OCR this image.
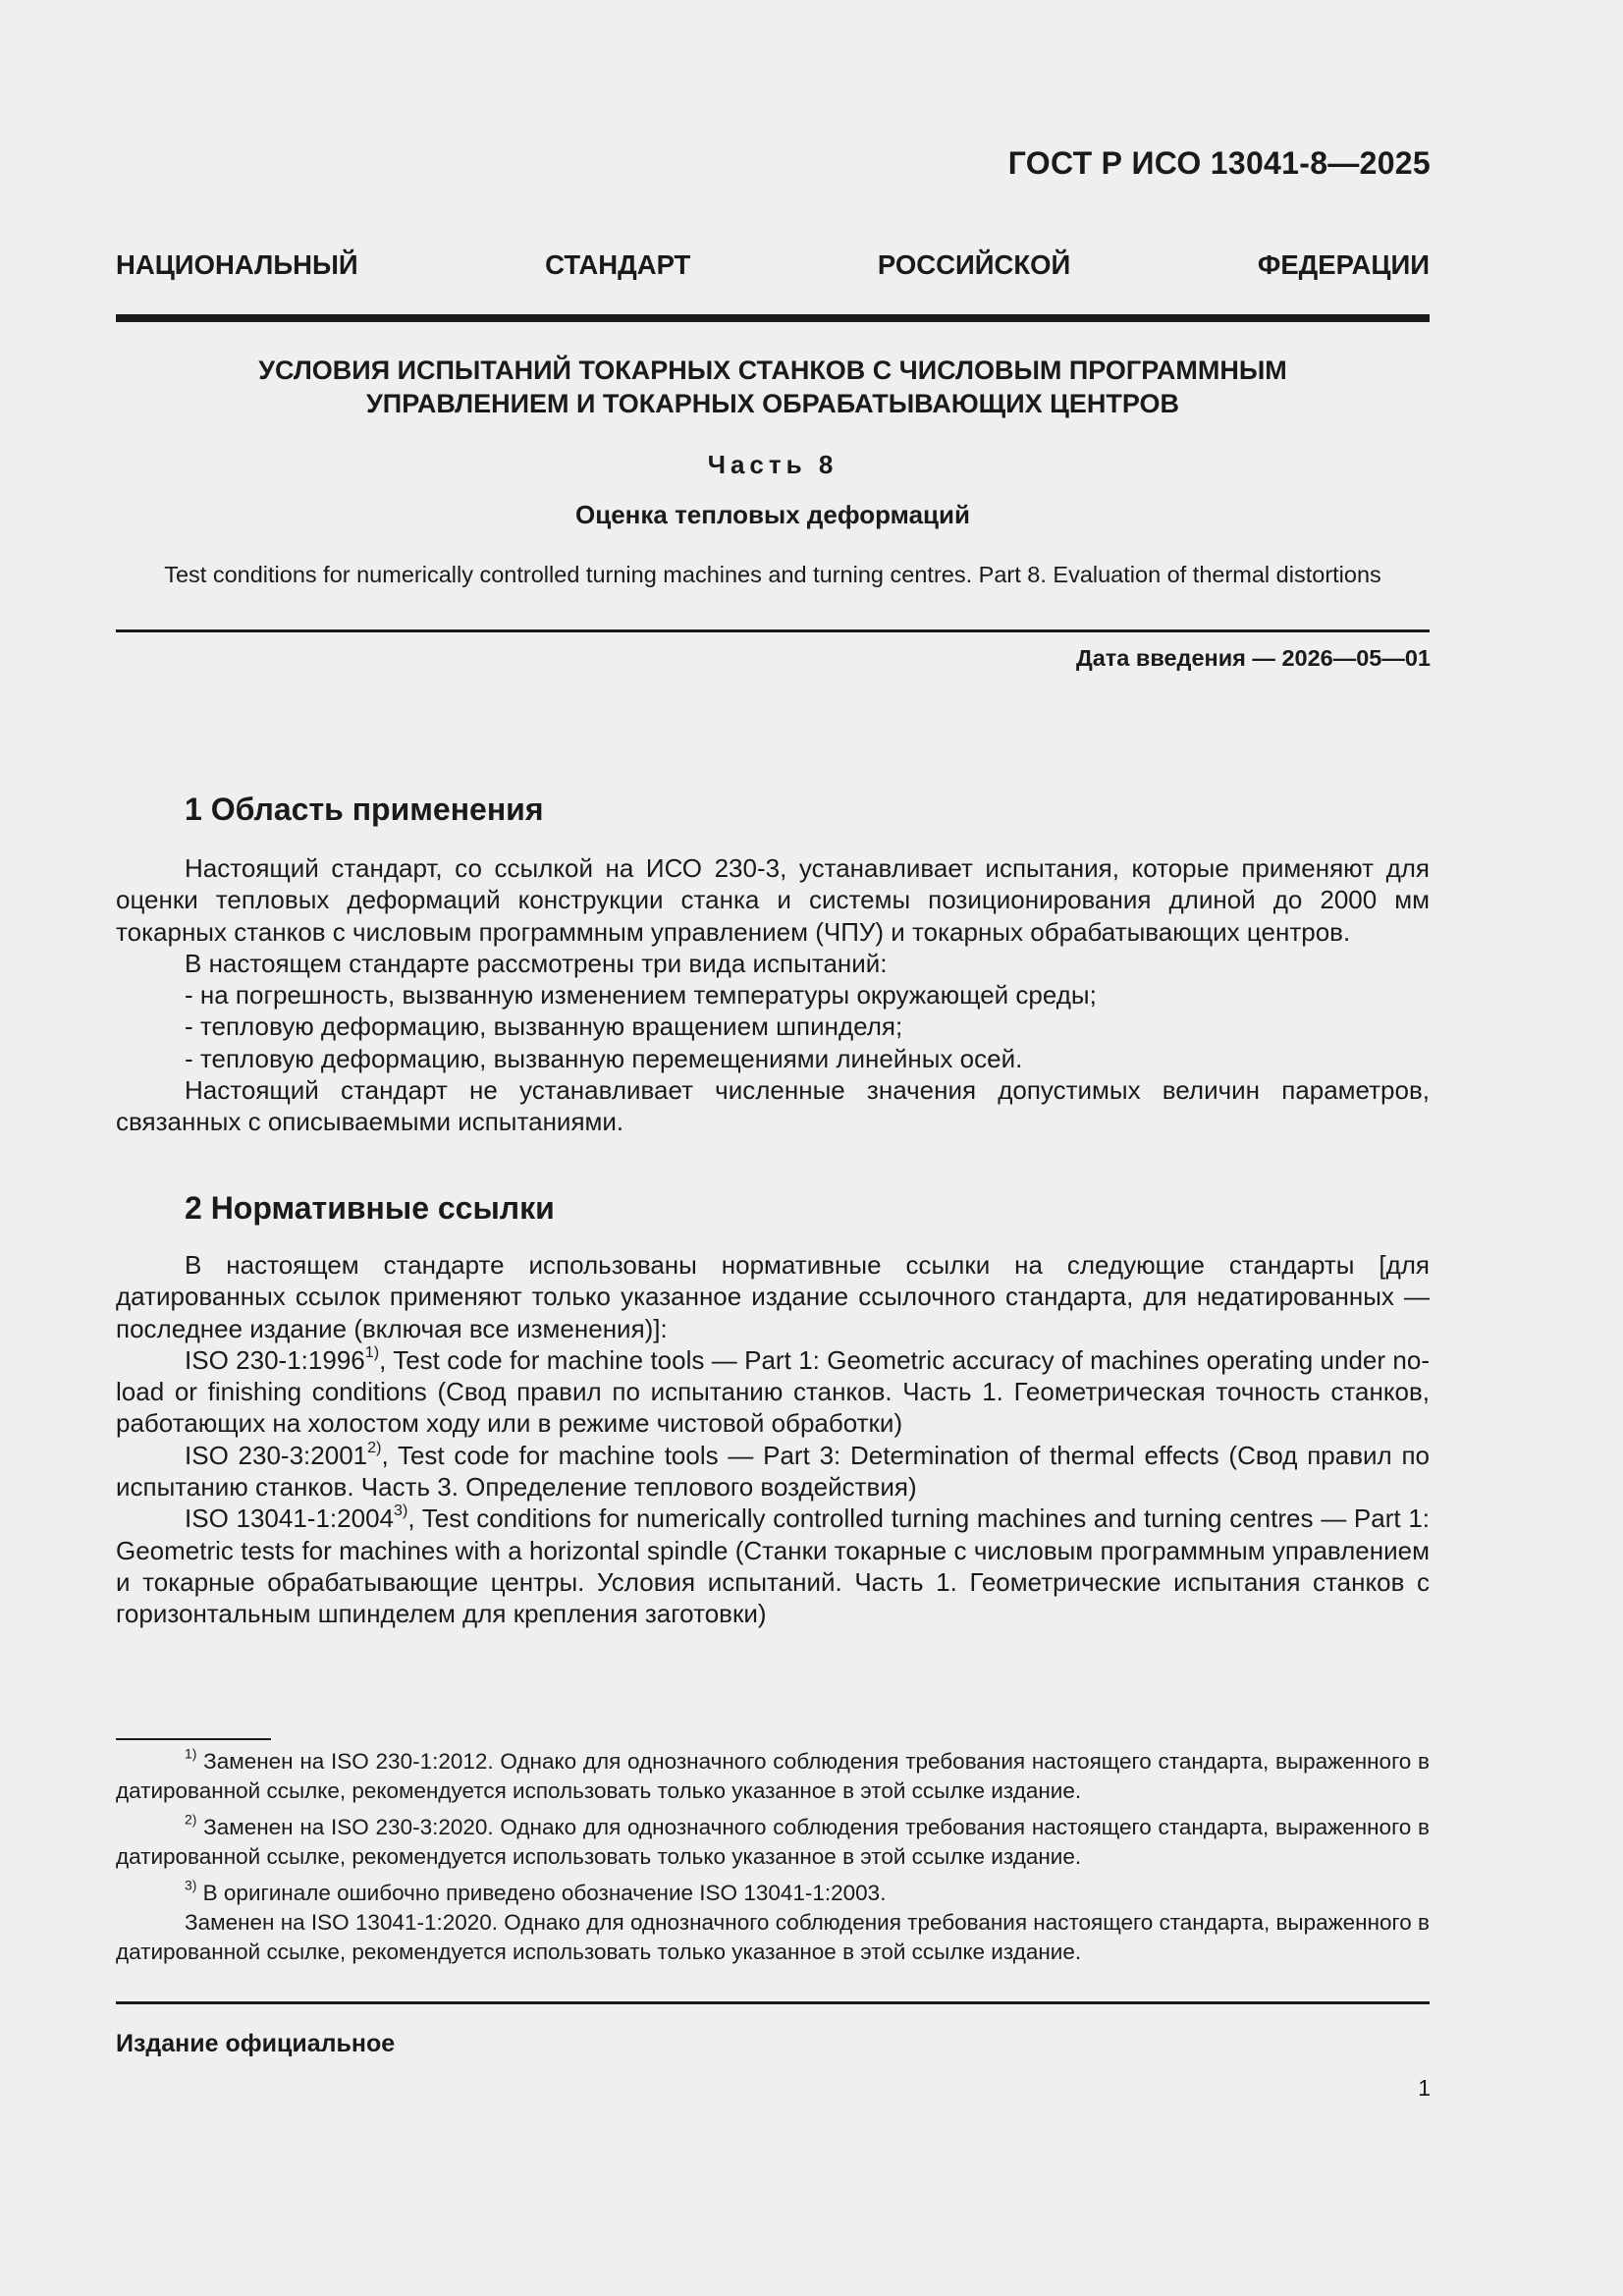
ГОСТ Р ИСО 13041-8—2025
НАЦИОНАЛЬНЫЙ СТАНДАРТ РОССИЙСКОЙ ФЕДЕРАЦИИ
УСЛОВИЯ ИСПЫТАНИЙ ТОКАРНЫХ СТАНКОВ С ЧИСЛОВЫМ ПРОГРАММНЫМ
УПРАВЛЕНИЕМ И ТОКАРНЫХ ОБРАБАТЫВАЮЩИХ ЦЕНТРОВ
Часть 8
Оценка тепловых деформаций
Test conditions for numerically controlled turning machines and turning centres. Part 8. Evaluation of thermal distortions
Дата введения — 2026—05—01
1 Область применения

Настоящий стандарт, со ссылкой на ИСО 230-3, устанавливает испытания, которые применяют для оценки тепловых деформаций конструкции станка и системы позиционирования длиной до 2000 мм токарных станков с числовым программным управлением (ЧПУ) и токарных обрабатывающих центров.

В настоящем стандарте рассмотрены три вида испытаний:

- на погрешность, вызванную изменением температуры окружающей среды;

- тепловую деформацию, вызванную вращением шпинделя;

- тепловую деформацию, вызванную перемещениями линейных осей.

Настоящий стандарт не устанавливает численные значения допустимых величин параметров, связанных с описываемыми испытаниями.

2 Нормативные ссылки

В настоящем стандарте использованы нормативные ссылки на следующие стандарты [для датированных ссылок применяют только указанное издание ссылочного стандарта, для недатированных — последнее издание (включая все изменения)]:

ISO 230-1:1996$^{1)}$, Test code for machine tools — Part 1: Geometric accuracy of machines operating under no-load or finishing conditions (Свод правил по испытанию станков. Часть 1. Геометрическая точность станков, работающих на холостом ходу или в режиме чистовой обработки)

ISO 230-3:2001$^{2)}$, Test code for machine tools — Part 3: Determination of thermal effects (Свод правил по испытанию станков. Часть 3. Определение теплового воздействия)

ISO 13041-1:2004$^{3)}$, Test conditions for numerically controlled turning machines and turning centres — Part 1: Geometric tests for machines with a horizontal spindle (Станки токарные с числовым программным управлением и токарные обрабатывающие центры. Условия испытаний. Часть 1. Геометрические испытания станков с горизонтальным шпинделем для крепления заготовки)

$^{1)}$ Заменен на ISO 230-1:2012. Однако для однозначного соблюдения требования настоящего стандарта, выраженного в датированной ссылке, рекомендуется использовать только указанное в этой ссылке издание.

$^{2)}$ Заменен на ISO 230-3:2020. Однако для однозначного соблюдения требования настоящего стандарта, выраженного в датированной ссылке, рекомендуется использовать только указанное в этой ссылке издание.

$^{3)}$ В оригинале ошибочно приведено обозначение ISO 13041-1:2003.

Заменен на ISO 13041-1:2020. Однако для однозначного соблюдения требования настоящего стандарта, выраженного в датированной ссылке, рекомендуется использовать только указанное в этой ссылке издание.

Издание официальное
1
